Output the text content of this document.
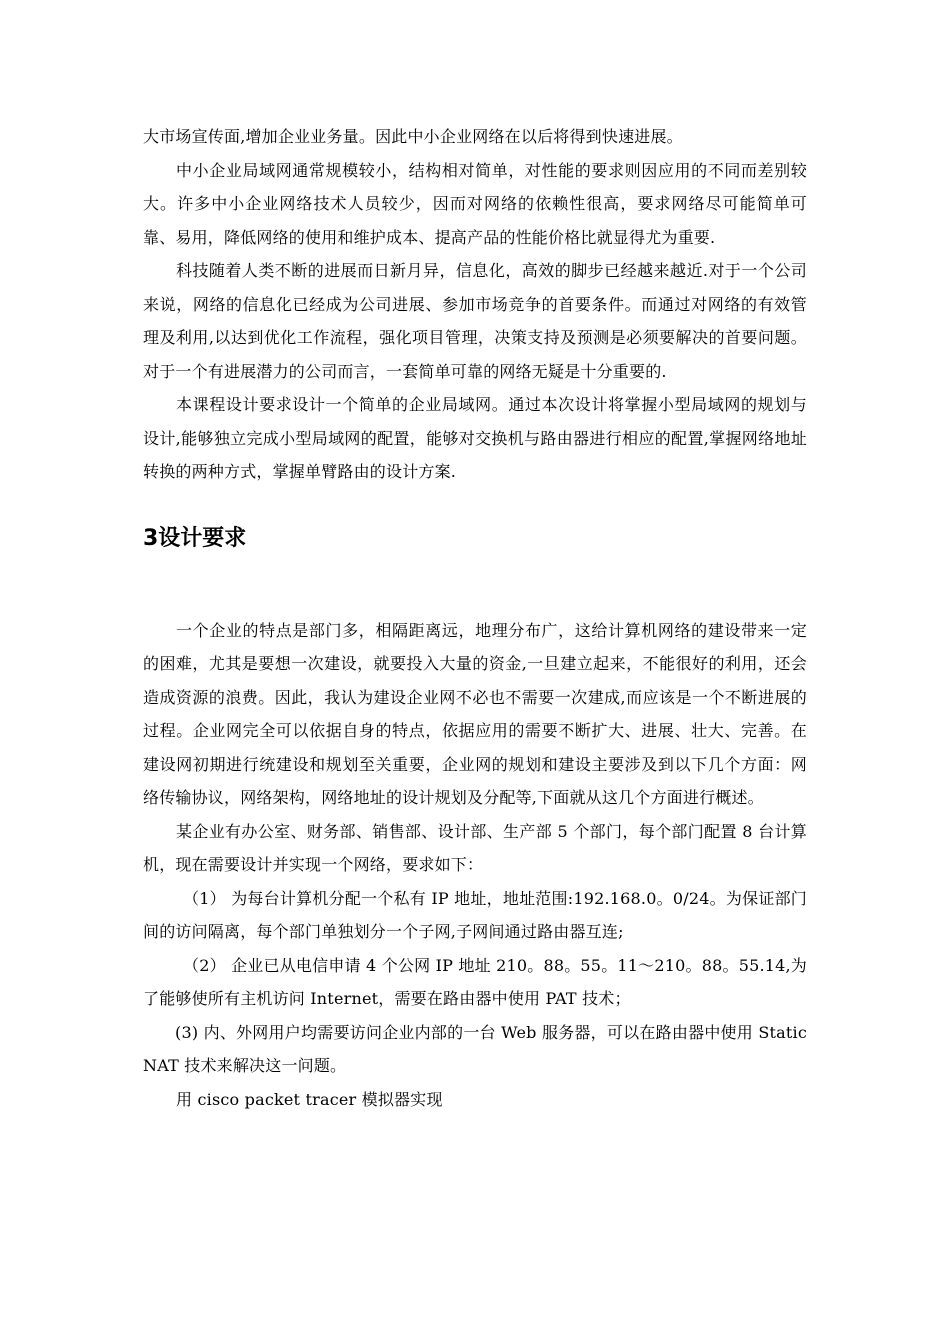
大市场宣传面,增加企业业务量。因此中小企业网络在以后将得到快速进展。

中小企业局域网通常规模较小，结构相对简单，对性能的要求则因应用的不同而差别较大。许多中小企业网络技术人员较少，因而对网络的依赖性很高，要求网络尽可能简单可靠、易用，降低网络的使用和维护成本、提高产品的性能价格比就显得尤为重要.

科技随着人类不断的进展而日新月异，信息化，高效的脚步已经越来越近.对于一个公司来说，网络的信息化已经成为公司进展、参加市场竞争的首要条件。而通过对网络的有效管理及利用,以达到优化工作流程，强化项目管理，决策支持及预测是必须要解决的首要问题。对于一个有进展潜力的公司而言，一套简单可靠的网络无疑是十分重要的.

本课程设计要求设计一个简单的企业局域网。通过本次设计将掌握小型局域网的规划与设计,能够独立完成小型局域网的配置，能够对交换机与路由器进行相应的配置,掌握网络地址转换的两种方式，掌握单臂路由的设计方案.

3设计要求

一个企业的特点是部门多，相隔距离远，地理分布广，这给计算机网络的建设带来一定的困难，尤其是要想一次建设，就要投入大量的资金,一旦建立起来，不能很好的利用，还会造成资源的浪费。因此，我认为建设企业网不必也不需要一次建成,而应该是一个不断进展的过程。企业网完全可以依据自身的特点，依据应用的需要不断扩大、进展、壮大、完善。在建设网初期进行统建设和规划至关重要，企业网的规划和建设主要涉及到以下几个方面：网络传输协议，网络架构，网络地址的设计规划及分配等,下面就从这几个方面进行概述。

某企业有办公室、财务部、销售部、设计部、生产部 5 个部门，每个部门配置 8 台计算机，现在需要设计并实现一个网络，要求如下：

（1） 为每台计算机分配一个私有 IP 地址，地址范围:192.168.0。0/24。为保证部门间的访问隔离，每个部门单独划分一个子网,子网间通过路由器互连;

（2） 企业已从电信申请 4 个公网 IP 地址 210。88。55。11～210。88。55.14,为了能够使所有主机访问 Internet，需要在路由器中使用 PAT 技术；

(3) 内、外网用户均需要访问企业内部的一台 Web 服务器，可以在路由器中使用 Static NAT 技术来解决这一问题。

用 cisco packet tracer 模拟器实现
